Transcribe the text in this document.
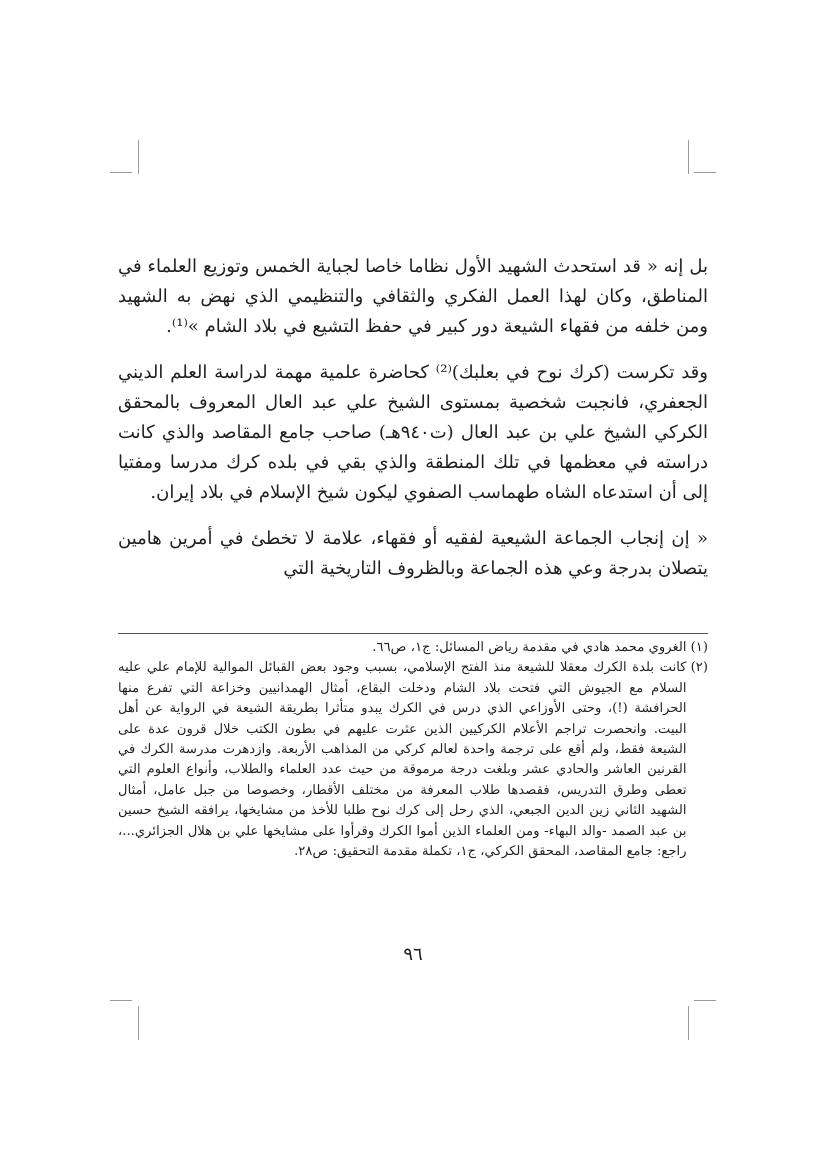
بل إنه « قد استحدث الشهيد الأول نظاما خاصا لجباية الخمس وتوزيع العلماء في المناطق، وكان لهذا العمل الفكري والثقافي والتنظيمي الذي نهض به الشهيد ومن خلفه من فقهاء الشيعة دور كبير في حفظ التشيع في بلاد الشام »⁽¹⁾.

وقد تكرست (كرك نوح في بعلبك)⁽²⁾ كحاضرة علمية مهمة لدراسة العلم الديني الجعفري، فانجبت شخصية بمستوى الشيخ علي عبد العال المعروف بالمحقق الكركي الشيخ علي بن عبد العال (ت٩٤٠هـ) صاحب جامع المقاصد والذي كانت دراسته في معظمها في تلك المنطقة والذي بقي في بلده كرك مدرسا ومفتيا إلى أن استدعاه الشاه طهماسب الصفوي ليكون شيخ الإسلام في بلاد إيران.

« إن إنجاب الجماعة الشيعية لفقيه أو فقهاء، علامة لا تخطئ في أمرين هامين يتصلان بدرجة وعي هذه الجماعة وبالظروف التاريخية التي

(١)
الغروي محمد هادي في مقدمة رياض المسائل: ج١، ص٦٦.
(٢)
كانت بلدة الكرك معقلا للشيعة منذ الفتح الإسلامي، بسبب وجود بعض القبائل الموالية للإمام علي عليه السلام مع الجيوش التي فتحت بلاد الشام ودخلت البقاع، أمثال الهمدانيين وخزاعة التي تفرع منها الحرافشة (!)، وحتى الأوزاعي الذي درس في الكرك يبدو متأثرا بطريقة الشيعة في الرواية عن أهل البيت. وانحصرت تراجم الأعلام الكركيين الذين عثرت عليهم في بطون الكتب خلال قرون عدة على الشيعة فقط، ولم أقع على ترجمة واحدة لعالم كركي من المذاهب الأربعة. وازدهرت مدرسة الكرك في القرنين العاشر والحادي عشر وبلغت درجة مرموقة من حيث عدد العلماء والطلاب، وأنواع العلوم التي تعطى وطرق التدريس، فقصدها طلاب المعرفة من مختلف الأقطار، وخصوصا من جبل عامل، أمثال الشهيد الثاني زين الدين الجبعي، الذي رحل إلى كرك نوح طلبا للأخذ من مشايخها، يرافقه الشيخ حسين بن عبد الصمد -والد البهاء- ومن العلماء الذين أموا الكرك وقرأوا على مشايخها علي بن هلال الجزائري...، راجع: جامع المقاصد، المحقق الكركي، ج١، تكملة مقدمة التحقيق: ص٢٨.
٩٦
